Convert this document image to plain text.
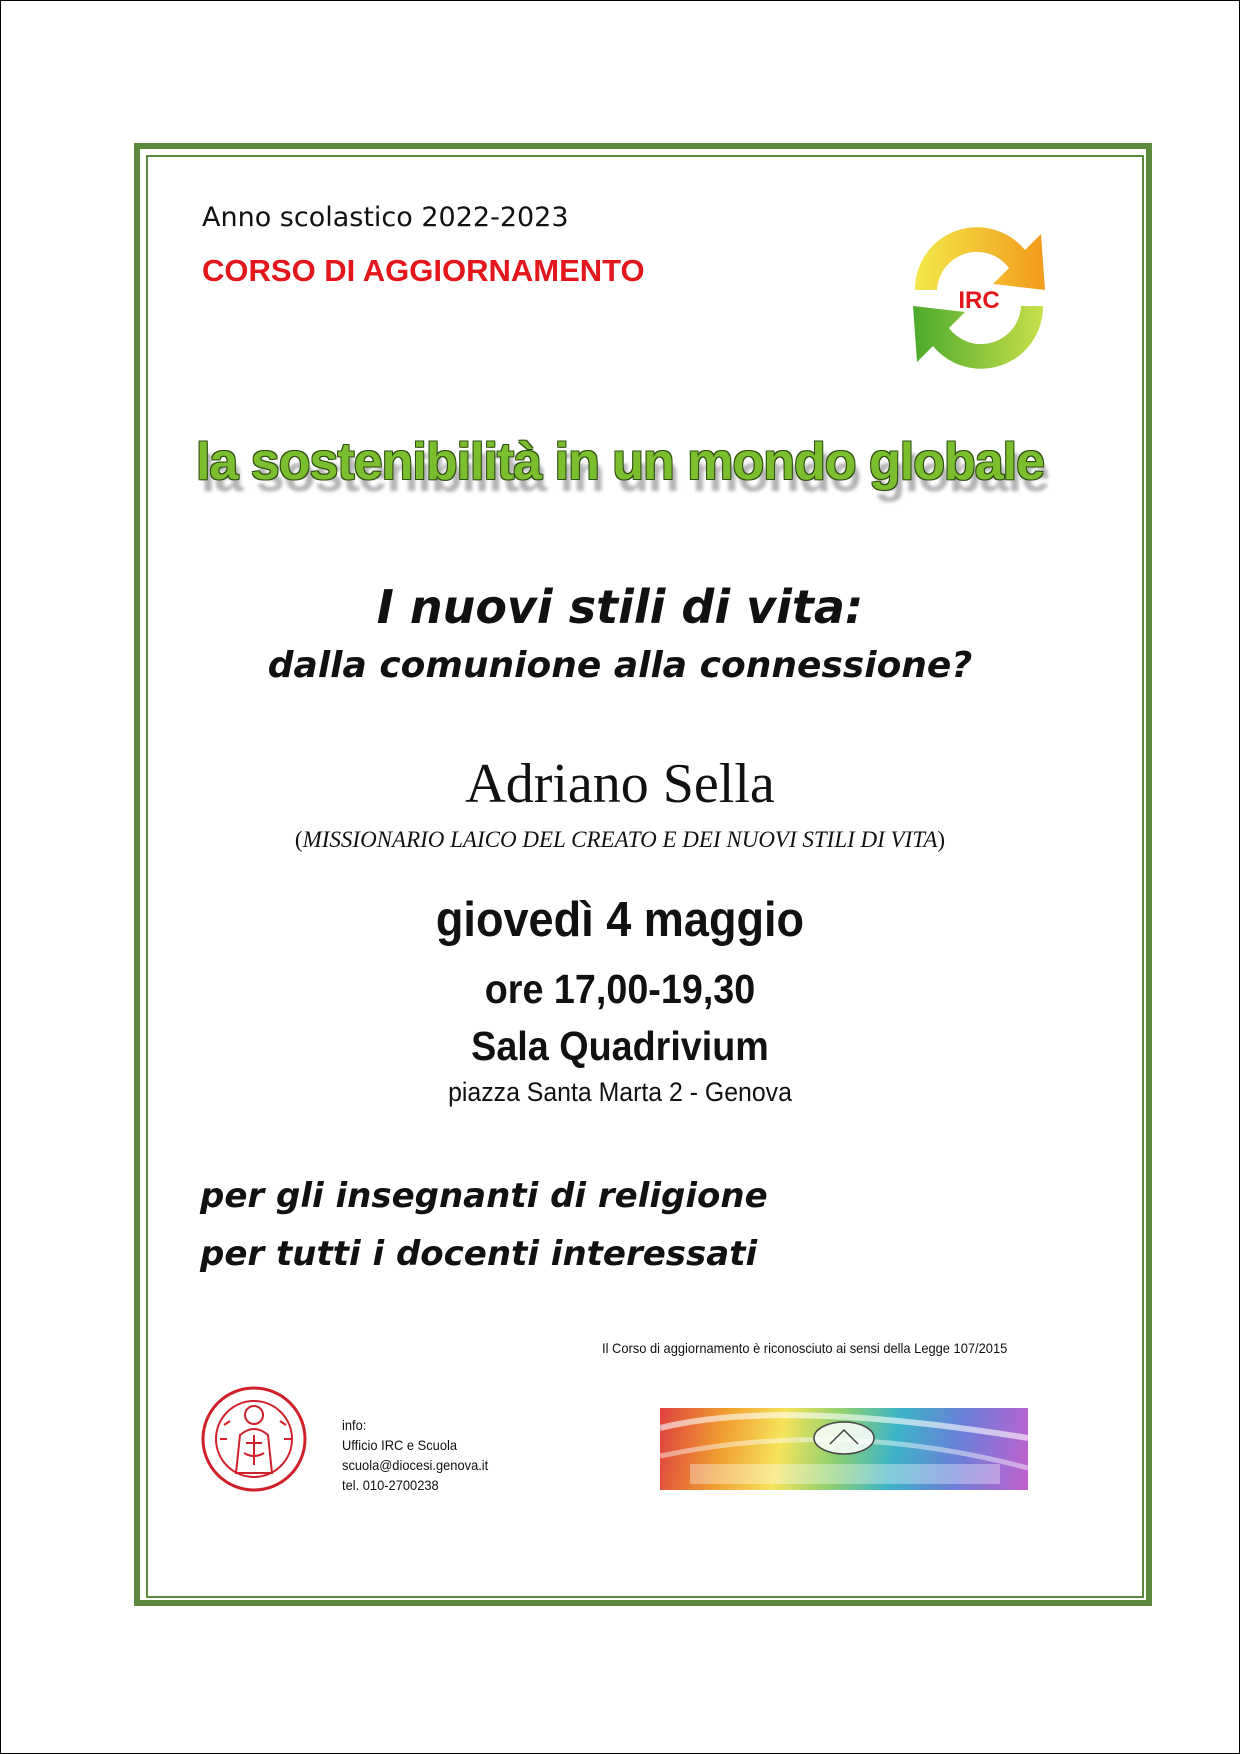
Anno scolastico 2022-2023

CORSO DI AGGIORNAMENTO

IRC

la sostenibilità in un mondo globale

I nuovi stili di vita:

dalla comunione alla connessione?

Adriano Sella

(MISSIONARIO LAICO DEL CREATO E DEI NUOVI STILI DI VITA)

giovedì 4 maggio

ore 17,00-19,30

Sala Quadrivium

piazza Santa Marta 2 - Genova

per gli insegnanti di religione

per tutti i docenti interessati

Il Corso di aggiornamento è riconosciuto ai sensi della Legge 107/2015

info:

Ufficio IRC e Scuola

scuola@diocesi.genova.it

tel. 010-2700238
